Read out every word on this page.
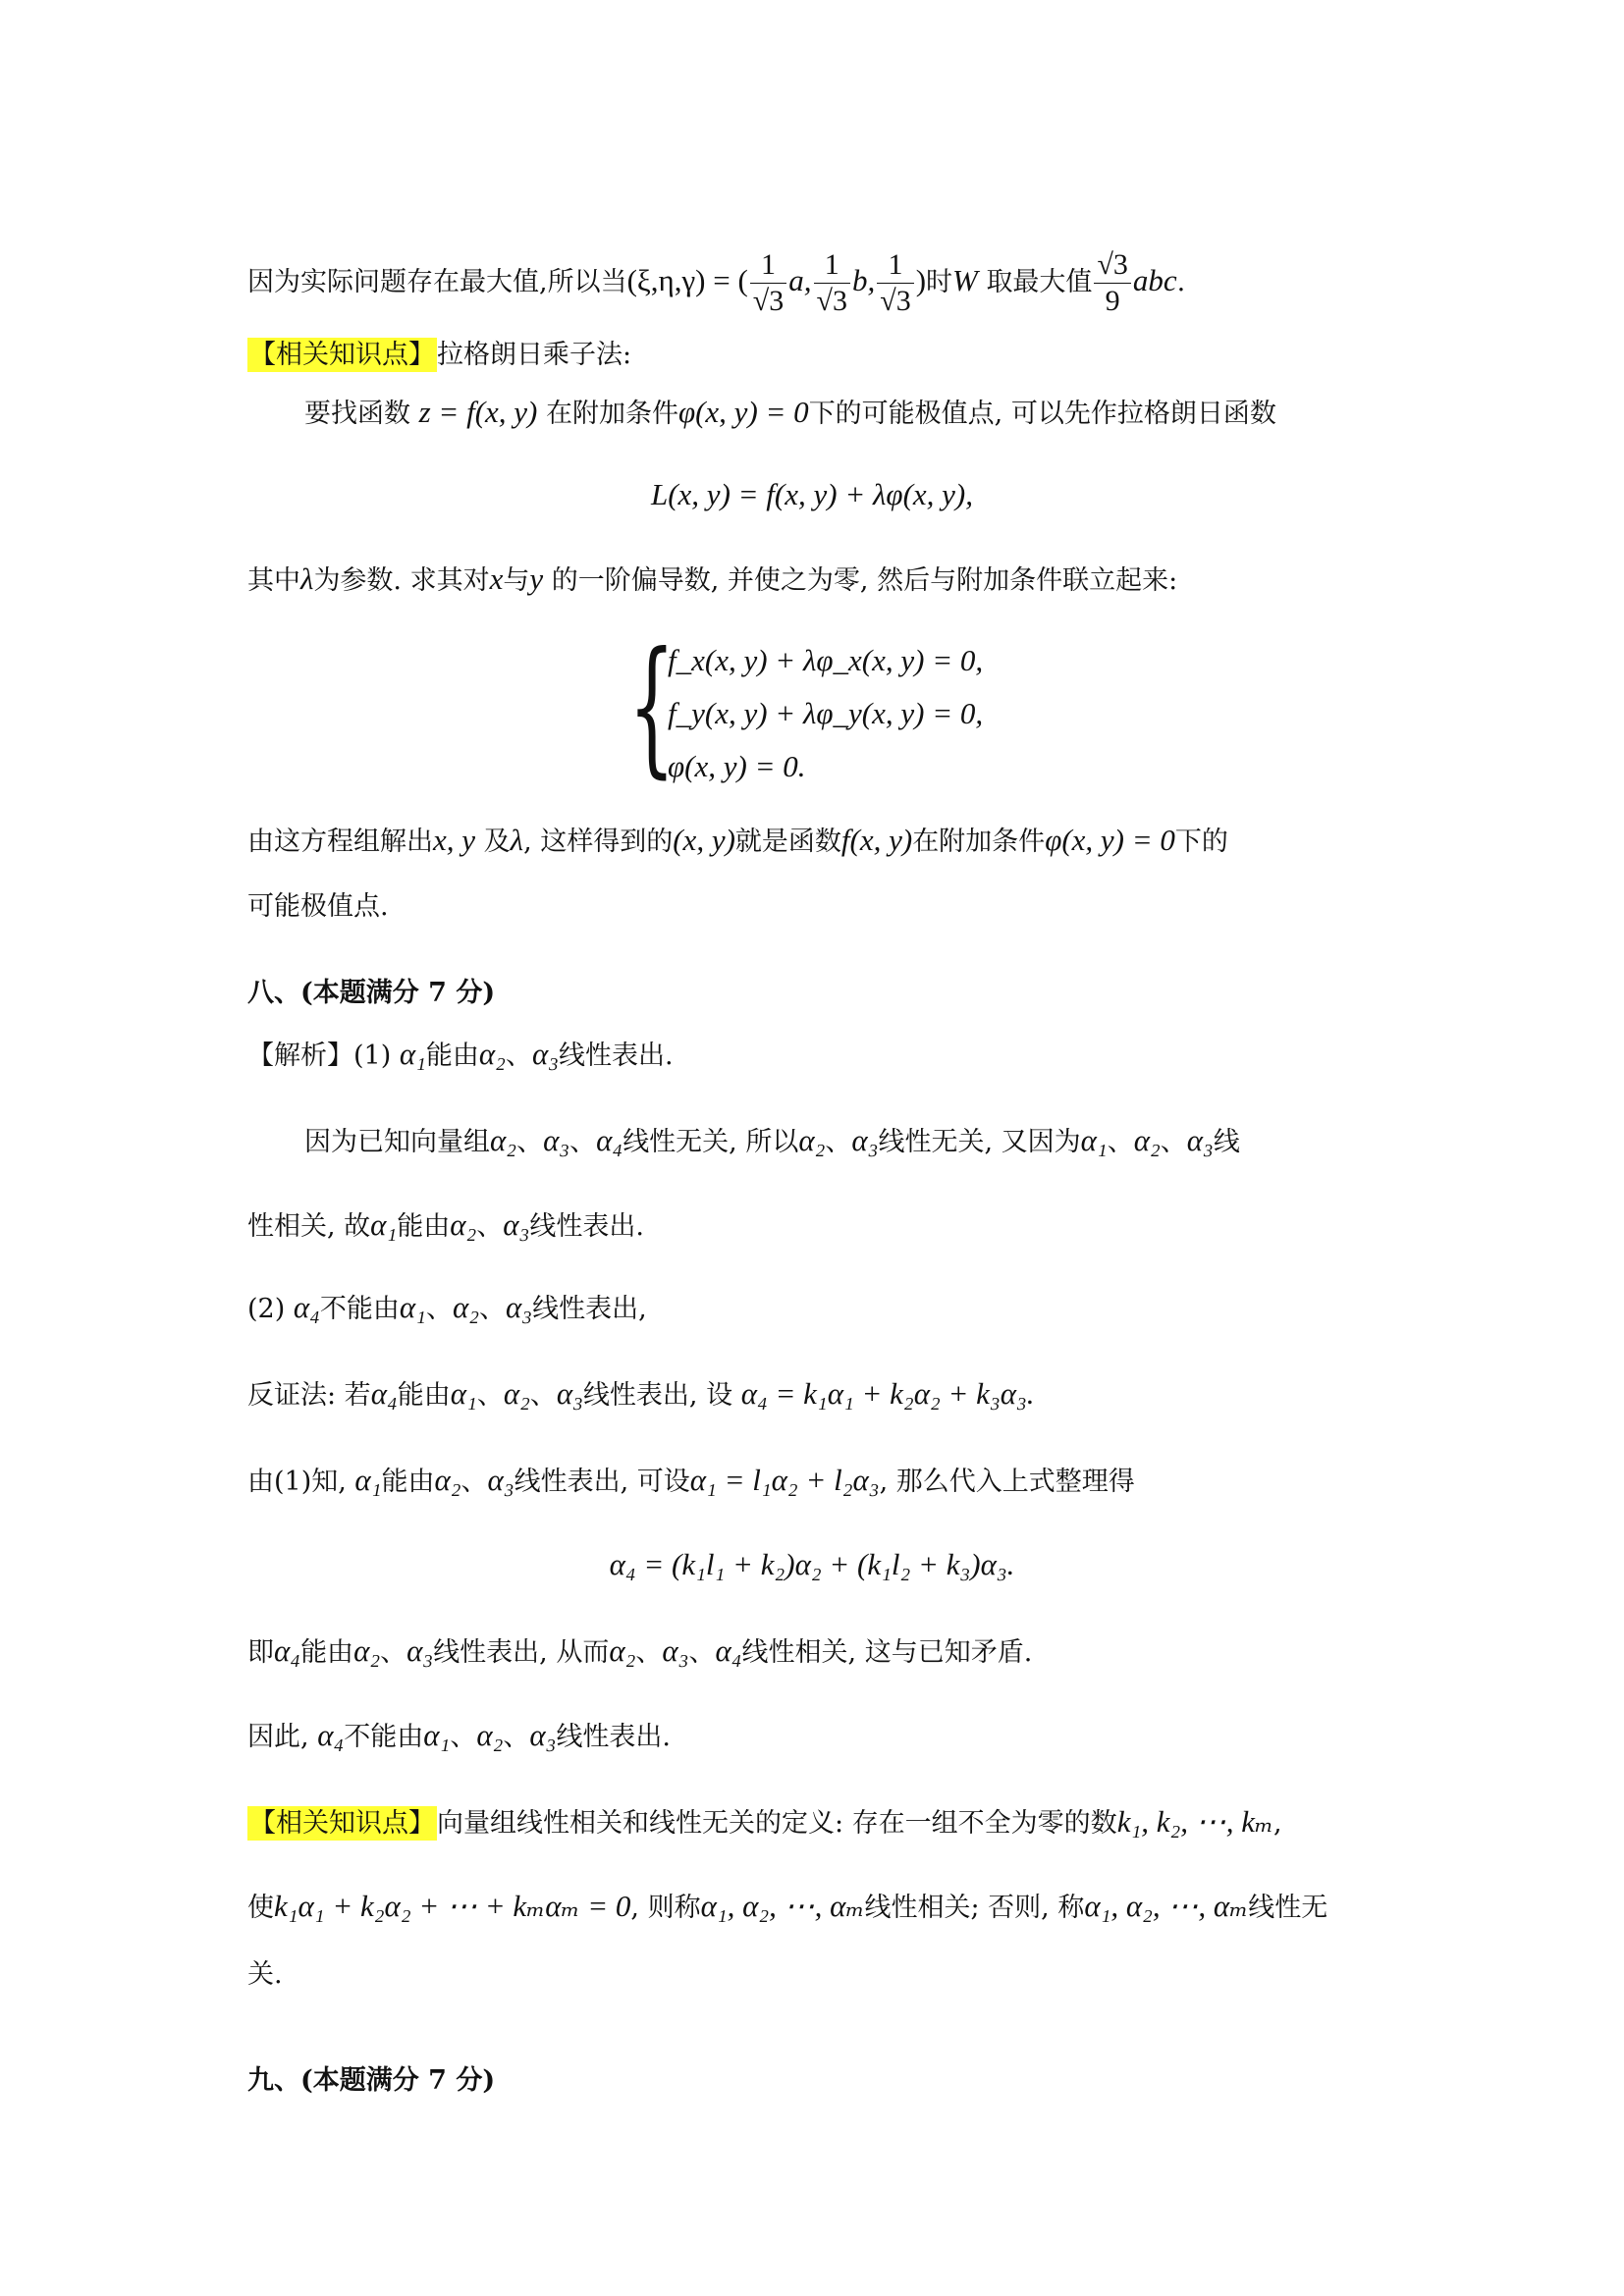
因为实际问题存在最大值,所以当(ξ,η,γ) = ( $\frac{1}{√3} a$, $\frac{1}{√3} b$, $\frac{1}{√3}$ )时W 取最大值 $\frac{√3}{9}$ abc.
【相关知识点】拉格朗日乘子法:
要找函数 z = f(x, y) 在附加条件φ(x, y) = 0下的可能极值点, 可以先作拉格朗日函数
L(x, y) = f(x, y) + λφ(x, y),
其中λ为参数. 求其对x与y 的一阶偏导数, 并使之为零, 然后与附加条件联立起来:
{
f_x(x, y) + λφ_x(x, y) = 0,
f_y(x, y) + λφ_y(x, y) = 0,
φ(x, y) = 0.
由这方程组解出x, y 及λ, 这样得到的(x, y)就是函数f(x, y)在附加条件φ(x, y) = 0下的
可能极值点.
八、(本题满分 7 分)
【解析】(1) α₁能由α₂、α₃线性表出.
因为已知向量组α₂、α₃、α₄线性无关, 所以α₂、α₃线性无关, 又因为α₁、α₂、α₃线
性相关, 故α₁能由α₂、α₃线性表出.
(2) α₄不能由α₁、α₂、α₃线性表出,
反证法: 若α₄能由α₁、α₂、α₃线性表出, 设 α₄ = k₁α₁ + k₂α₂ + k₃α₃.
由(1)知, α₁能由α₂、α₃线性表出, 可设α₁ = l₁α₂ + l₂α₃, 那么代入上式整理得
α₄ = (k₁l₁ + k₂)α₂ + (k₁l₂ + k₃)α₃.
即α₄能由α₂、α₃线性表出, 从而α₂、α₃、α₄线性相关, 这与已知矛盾.
因此, α₄不能由α₁、α₂、α₃线性表出.
【相关知识点】向量组线性相关和线性无关的定义: 存在一组不全为零的数k₁, k₂, ⋯, kₘ,
使k₁α₁ + k₂α₂ + ⋯ + kₘαₘ = 0, 则称α₁, α₂, ⋯, αₘ线性相关; 否则, 称α₁, α₂, ⋯, αₘ线性无
关.
九、(本题满分 7 分)
